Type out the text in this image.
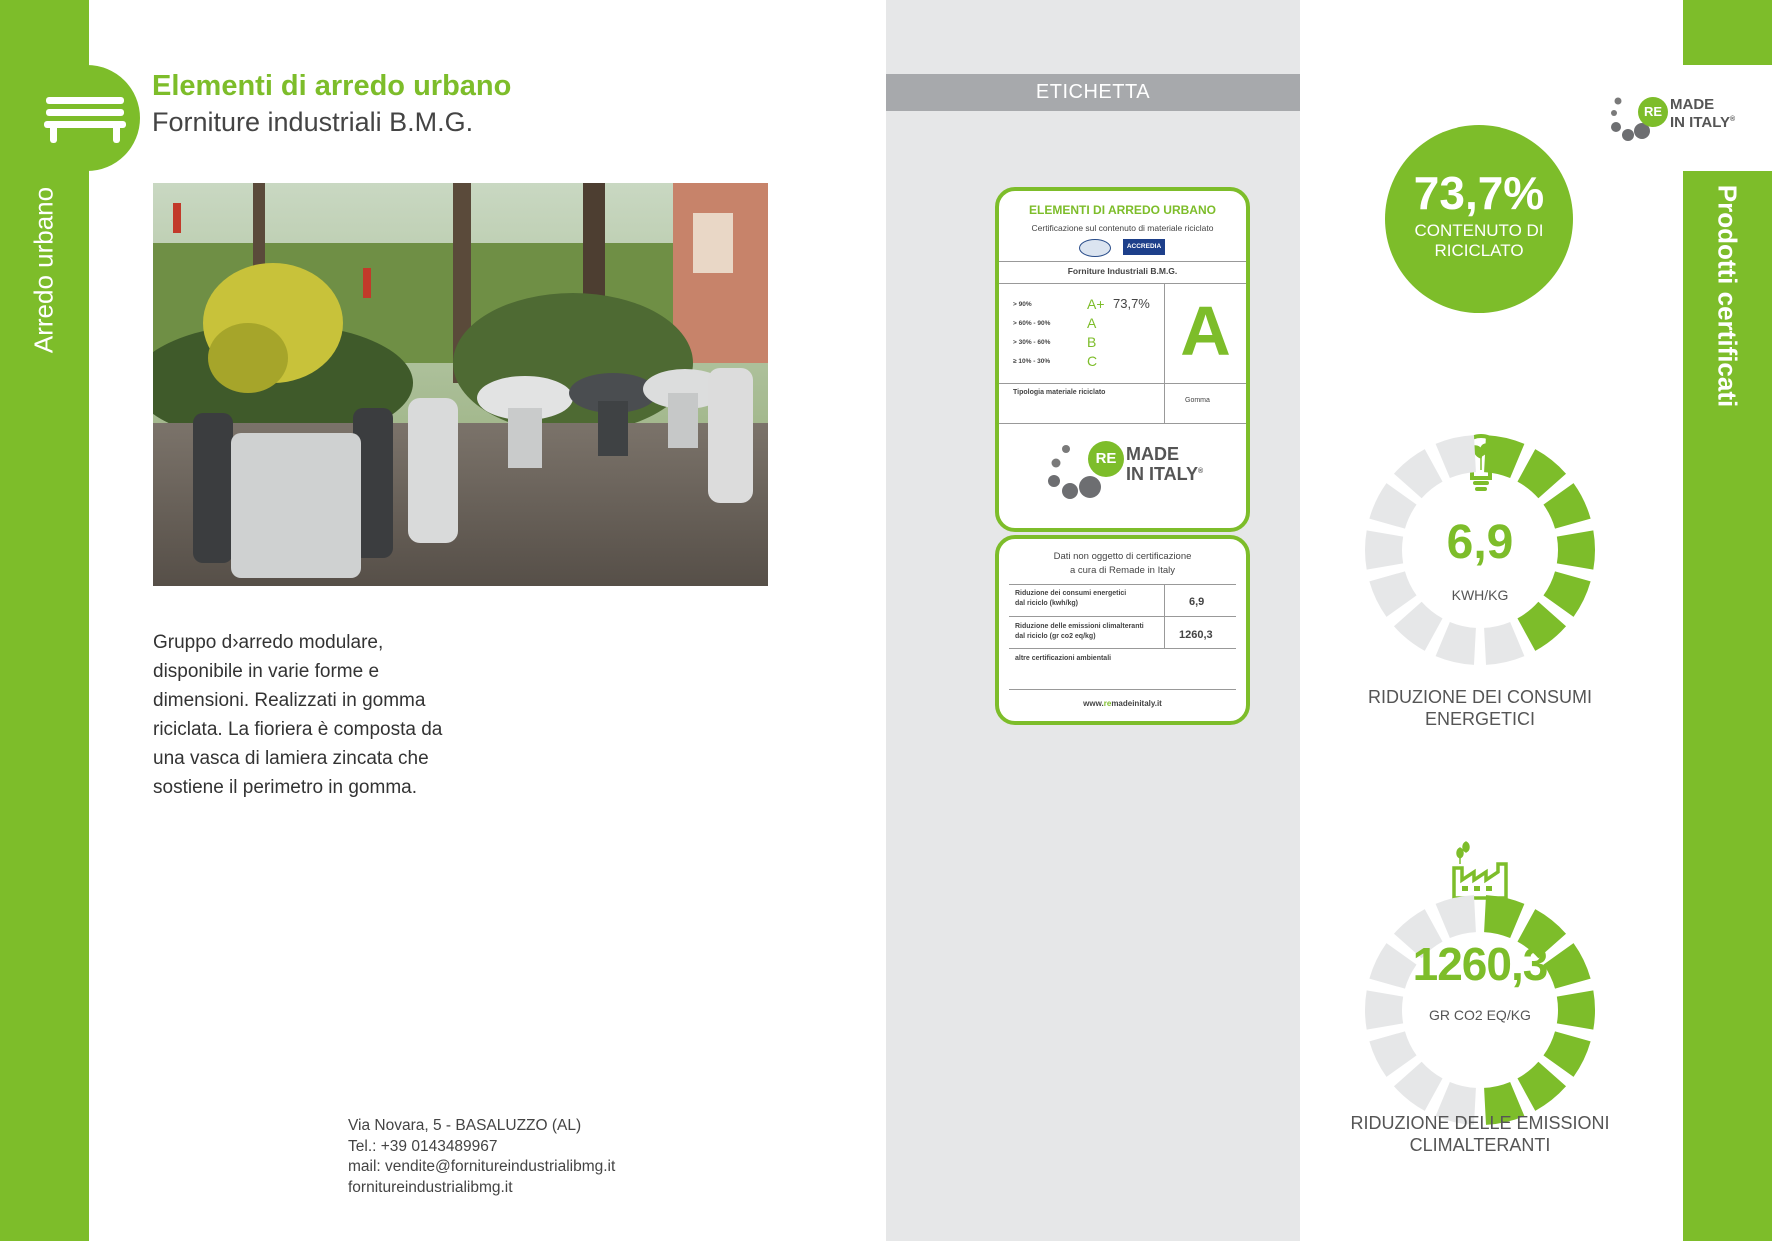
Arredo urbano
RE MADE
IN ITALY®
Prodotti certificati
ETICHETTA
Elementi di arredo urbano
Forniture industriali B.M.G.
Gruppo d›arredo modulare, disponibile in varie forme e dimensioni. Realizzati in gomma riciclata. La fioriera è composta da una vasca di lamiera zincata che sostiene il perimetro in gomma.
Via Novara, 5 - BASALUZZO (AL)
Tel.: +39 0143489967
mail: vendite@fornitureindustrialibmg.it
fornitureindustrialibmg.it
ELEMENTI DI ARREDO URBANO
Certificazione sul contenuto di materiale riciclato
ACCREDIA
Forniture Industriali B.M.G.
> 90%
> 60% - 90%
> 30% - 60%
≥ 10% - 30%
A+
A
B
C
73,7% A
Tipologia materiale riciclato
Gomma
RE MADE
IN ITALY®
Dati non oggetto di certificazione
a cura di Remade in Italy
Riduzione dei consumi energetici
dal riciclo (kwh/kg)	6,9
Riduzione delle emissioni climalteranti
dal riciclo (gr co2 eq/kg)	1260,3
altre certificazioni ambientali
www.remadeinitaly.it
73,7%
CONTENUTO DI
RICICLATO
6,9
KWH/KG
RIDUZIONE DEI CONSUMI
ENERGETICI
1260,3
GR CO2 EQ/KG
RIDUZIONE DELLE EMISSIONI
CLIMALTERANTI
